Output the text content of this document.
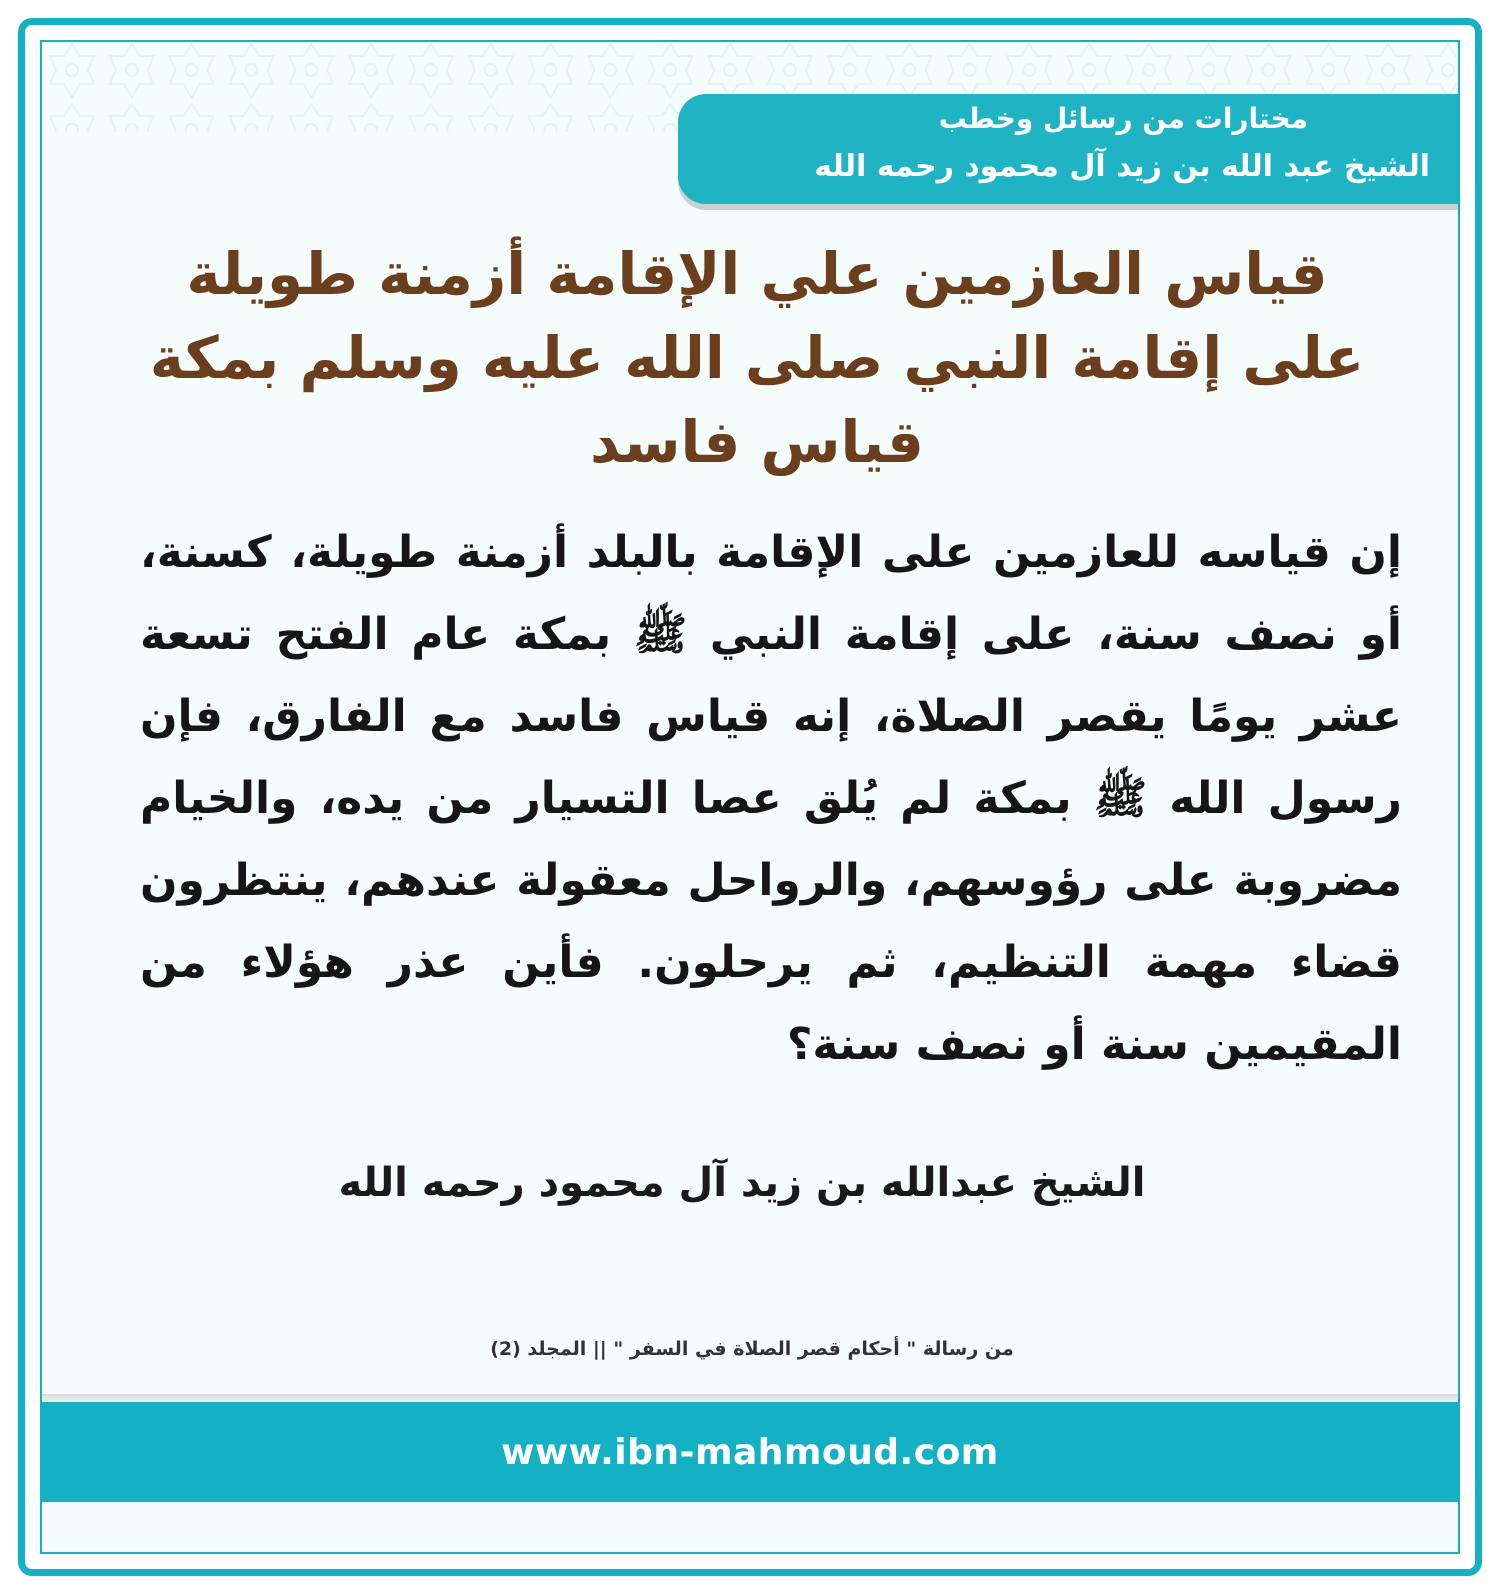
مختارات من رسائل وخطب
الشيخ عبد الله بن زيد آل محمود رحمه الله
قياس العازمين علي الإقامة أزمنة طويلة على إقامة النبي صلى الله عليه وسلم بمكة قياس فاسد
إن قياسه للعازمين على الإقامة بالبلد أزمنة طويلة، كسنة، أو نصف سنة، على إقامة النبي ﷺ بمكة عام الفتح تسعة عشر يومًا يقصر الصلاة، إنه قياس فاسد مع الفارق، فإن رسول الله ﷺ بمكة لم يُلق عصا التسيار من يده، والخيام مضروبة على رؤوسهم، والرواحل معقولة عندهم، ينتظرون قضاء مهمة التنظيم، ثم يرحلون. فأين عذر هؤلاء من المقيمين سنة أو نصف سنة؟
الشيخ عبدالله بن زيد آل محمود رحمه الله
من رسالة " أحكام قصر الصلاة في السفر " || المجلد (2)
www.ibn-mahmoud.com
